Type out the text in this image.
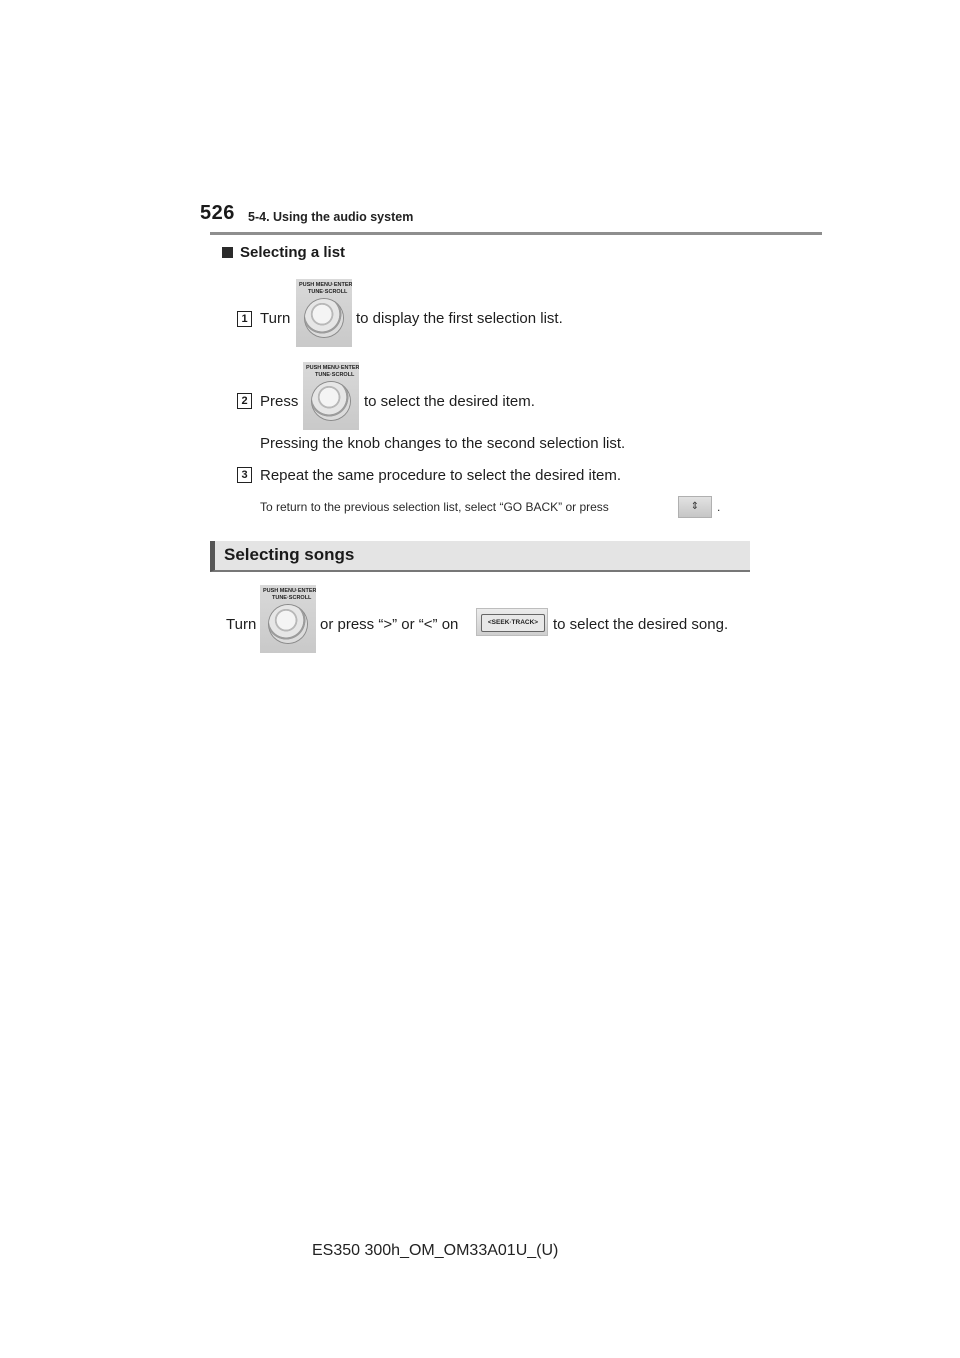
526 5-4. Using the audio system
Selecting a list
1 Turn
PUSH MENU·ENTER
TUNE·SCROLL
to display the first selection list.
2 Press
PUSH MENU·ENTER
TUNE·SCROLL
to select the desired item.
Pressing the knob changes to the second selection list.
3 Repeat the same procedure to select the desired item.
To return to the previous selection list, select “GO BACK” or press	⇕	.
Selecting songs
Turn
PUSH MENU·ENTER
TUNE·SCROLL
or press “>” or “<” on	<SEEK·TRACK> to select the desired song.
ES350 300h_OM_OM33A01U_(U)
